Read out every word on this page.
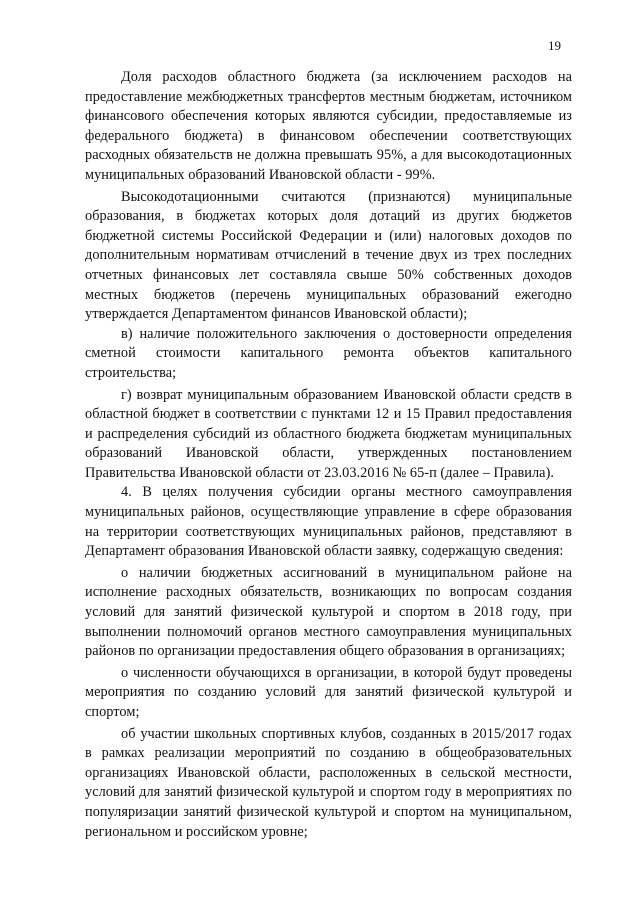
19

Доля расходов областного бюджета (за исключением расходов на предоставление межбюджетных трансфертов местным бюджетам, источником финансового обеспечения которых являются субсидии, предоставляемые из федерального бюджета) в финансовом обеспечении соответствующих расходных обязательств не должна превышать 95%, а для высокодотационных муниципальных образований Ивановской области - 99%.

Высокодотационными считаются (признаются) муниципальные образования, в бюджетах которых доля дотаций из других бюджетов бюджетной системы Российской Федерации и (или) налоговых доходов по дополнительным нормативам отчислений в течение двух из трех последних отчетных финансовых лет составляла свыше 50% собственных доходов местных бюджетов (перечень муниципальных образований ежегодно утверждается Департаментом финансов Ивановской области);

в) наличие положительного заключения о достоверности определения сметной стоимости капитального ремонта объектов капитального строительства;

г) возврат муниципальным образованием Ивановской области средств в областной бюджет в соответствии с пунктами 12 и 15 Правил предоставления и распределения субсидий из областного бюджета бюджетам муниципальных образований Ивановской области, утвержденных постановлением Правительства Ивановской области от 23.03.2016 № 65-п (далее – Правила).

4. В целях получения субсидии органы местного самоуправления муниципальных районов, осуществляющие управление в сфере образования на территории соответствующих муниципальных районов, представляют в Департамент образования Ивановской области заявку, содержащую сведения:

о наличии бюджетных ассигнований в муниципальном районе на исполнение расходных обязательств, возникающих по вопросам создания условий для занятий физической культурой и спортом в 2018 году, при выполнении полномочий органов местного самоуправления муниципальных районов по организации предоставления общего образования в организациях;

о численности обучающихся в организации, в которой будут проведены мероприятия по созданию условий для занятий физической культурой и спортом;

об участии школьных спортивных клубов, созданных в 2015/2017 годах в рамках реализации мероприятий по созданию в общеобразовательных организациях Ивановской области, расположенных в сельской местности, условий для занятий физической культурой и спортом году в мероприятиях по популяризации занятий физической культурой и спортом на муниципальном, региональном и российском уровне;
